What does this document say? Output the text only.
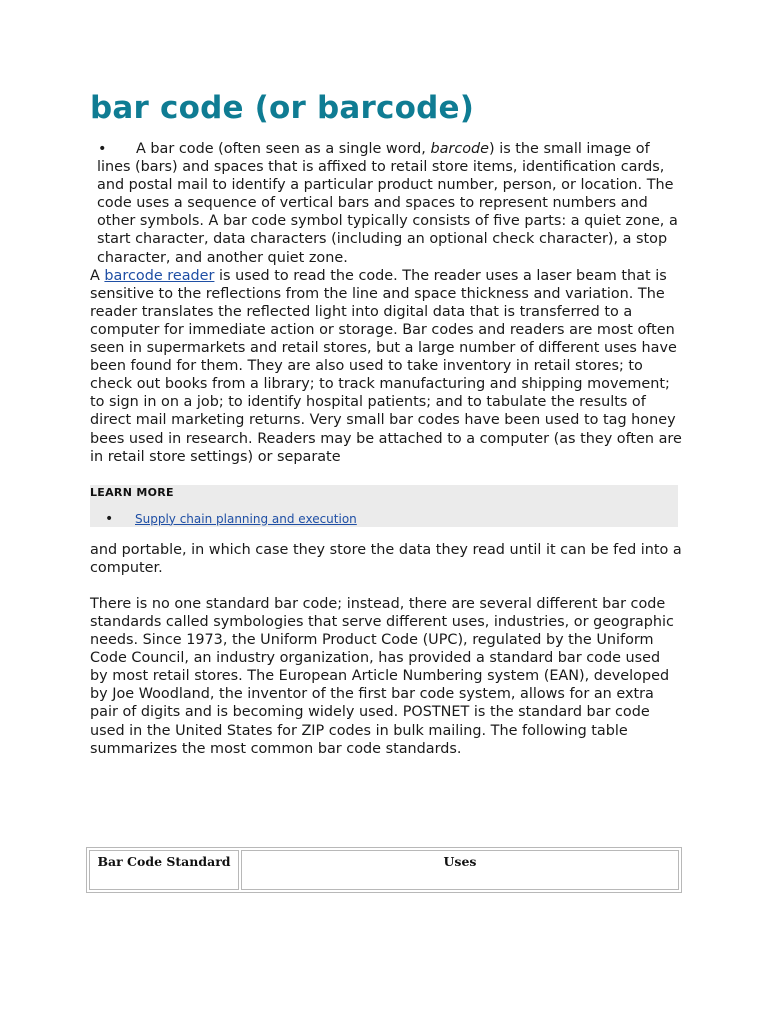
bar code (or barcode)
• A bar code (often seen as a single word, barcode) is the small image of lines (bars) and spaces that is affixed to retail store items, identification cards, and postal mail to identify a particular product number, person, or location. The code uses a sequence of vertical bars and spaces to represent numbers and other symbols. A bar code symbol typically consists of five parts: a quiet zone, a start character, data characters (including an optional check character), a stop character, and another quiet zone.
A barcode reader is used to read the code. The reader uses a laser beam that is sensitive to the reflections from the line and space thickness and variation. The reader translates the reflected light into digital data that is transferred to a computer for immediate action or storage. Bar codes and readers are most often seen in supermarkets and retail stores, but a large number of different uses have been found for them. They are also used to take inventory in retail stores; to check out books from a library; to track manufacturing and shipping movement; to sign in on a job; to identify hospital patients; and to tabulate the results of direct mail marketing returns. Very small bar codes have been used to tag honey bees used in research. Readers may be attached to a computer (as they often are in retail store settings) or separate
LEARN MORE
• Supply chain planning and execution
and portable, in which case they store the data they read until it can be fed into a computer.
There is no one standard bar code; instead, there are several different bar code standards called symbologies that serve different uses, industries, or geographic needs. Since 1973, the Uniform Product Code (UPC), regulated by the Uniform Code Council, an industry organization, has provided a standard bar code used by most retail stores. The European Article Numbering system (EAN), developed by Joe Woodland, the inventor of the first bar code system, allows for an extra pair of digits and is becoming widely used. POSTNET is the standard bar code used in the United States for ZIP codes in bulk mailing. The following table summarizes the most common bar code standards.
Bar Code Standard	Uses
